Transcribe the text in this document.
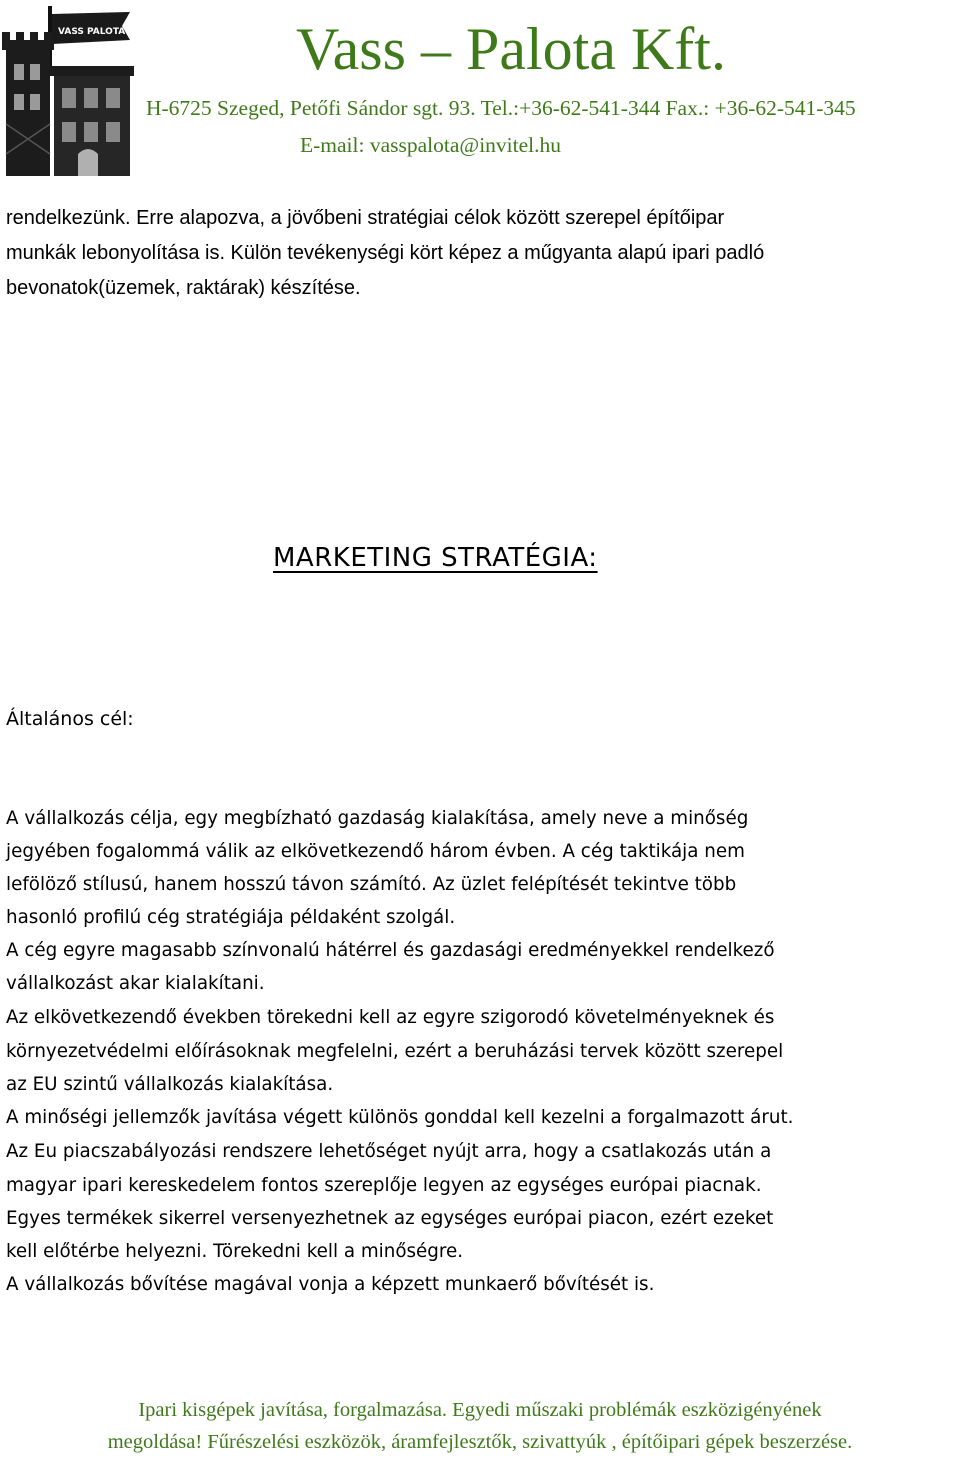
VASS PALOTA	Vass – Palota Kft.
H-6725 Szeged, Petőfi Sándor sgt. 93. Tel.:+36-62-541-344 Fax.: +36-62-541-345
E-mail: vasspalota@invitel.hu
rendelkezünk. Erre alapozva, a jövőbeni stratégiai célok között szerepel építőipar
munkák lebonyolítása is. Külön tevékenységi kört képez a műgyanta alapú ipari padló
bevonatok(üzemek, raktárak) készítése.
MARKETING STRATÉGIA:
Általános cél:
A vállalkozás célja, egy megbízható gazdaság kialakítása, amely neve a minőség
jegyében fogalommá válik az elkövetkezendő három évben. A cég taktikája nem
lefölöző stílusú, hanem hosszú távon számító. Az üzlet felépítését tekintve több
hasonló profilú cég stratégiája példaként szolgál.
A cég egyre magasabb színvonalú hátérrel és gazdasági eredményekkel rendelkező
vállalkozást akar kialakítani.
Az elkövetkezendő években törekedni kell az egyre szigorodó követelményeknek és
környezetvédelmi előírásoknak megfelelni, ezért a beruházási tervek között szerepel
az EU szintű vállalkozás kialakítása.
A minőségi jellemzők javítása végett különös gonddal kell kezelni a forgalmazott árut.
Az Eu piacszabályozási rendszere lehetőséget nyújt arra, hogy a csatlakozás után a
magyar ipari kereskedelem fontos szereplője legyen az egységes európai piacnak.
Egyes termékek sikerrel versenyezhetnek az egységes európai piacon, ezért ezeket
kell előtérbe helyezni. Törekedni kell a minőségre.
A vállalkozás bővítése magával vonja a képzett munkaerő bővítését is.
Ipari kisgépek javítása, forgalmazása. Egyedi műszaki problémák eszközigényének
megoldása! Fűrészelési eszközök, áramfejlesztők, szivattyúk , építőipari gépek beszerzése.
